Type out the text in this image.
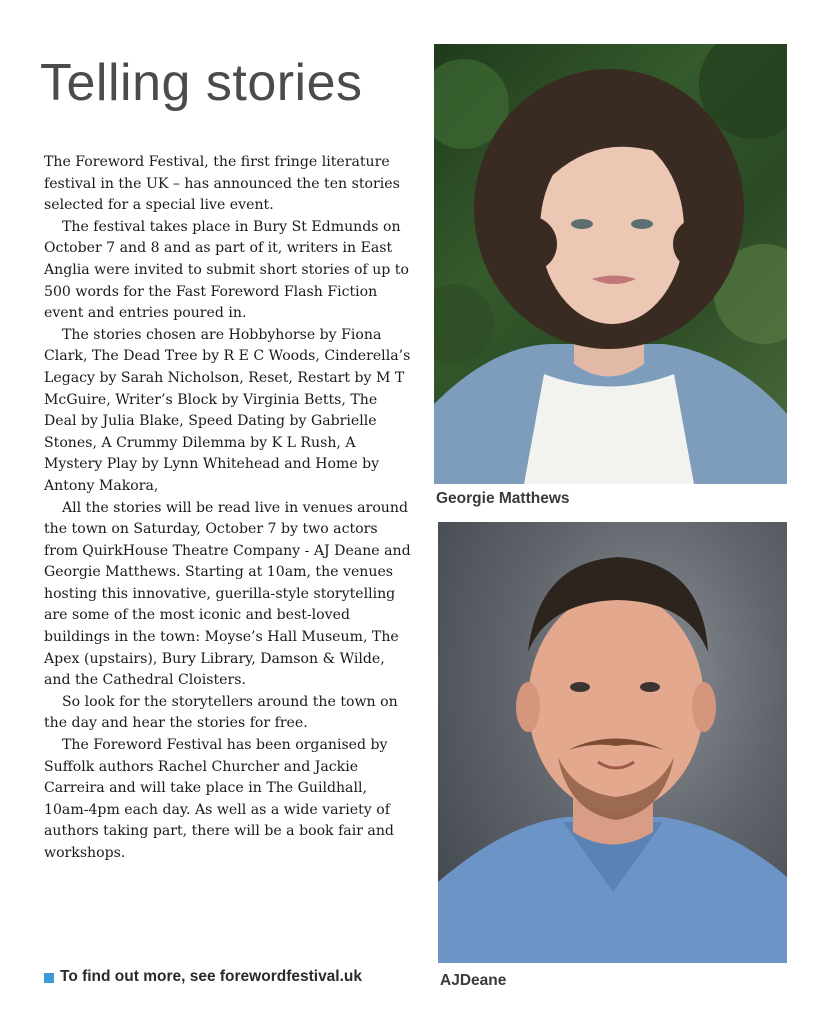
Telling stories

The Foreword Festival, the first fringe literature festival in the UK – has announced the ten stories selected for a special live event.

The festival takes place in Bury St Edmunds on October 7 and 8 and as part of it, writers in East Anglia were invited to submit short stories of up to 500 words for the Fast Foreword Flash Fiction event and entries poured in.

The stories chosen are Hobbyhorse by Fiona Clark, The Dead Tree by R E C Woods, Cinderella’s Legacy by Sarah Nicholson, Reset, Restart by M T McGuire, Writer’s Block by Virginia Betts, The Deal by Julia Blake, Speed Dating by Gabrielle Stones, A Crummy Dilemma by K L Rush, A Mystery Play by Lynn Whitehead and Home by Antony Makora,

All the stories will be read live in venues around the town on Saturday, October 7 by two actors from QuirkHouse Theatre Company - AJ Deane and Georgie Matthews. Starting at 10am, the venues hosting this innovative, guerilla-style storytelling are some of the most iconic and best-loved buildings in the town: Moyse’s Hall Museum, The Apex (upstairs), Bury Library, Damson & Wilde, and the Cathedral Cloisters.

So look for the storytellers around the town on the day and hear the stories for free.

The Foreword Festival has been organised by Suffolk authors Rachel Churcher and Jackie Carreira and will take place in The Guildhall, 10am-4pm each day. As well as a wide variety of authors taking part, there will be a book fair and workshops.

To find out more, see forewordfestival.uk
Georgie Matthews
AJDeane
